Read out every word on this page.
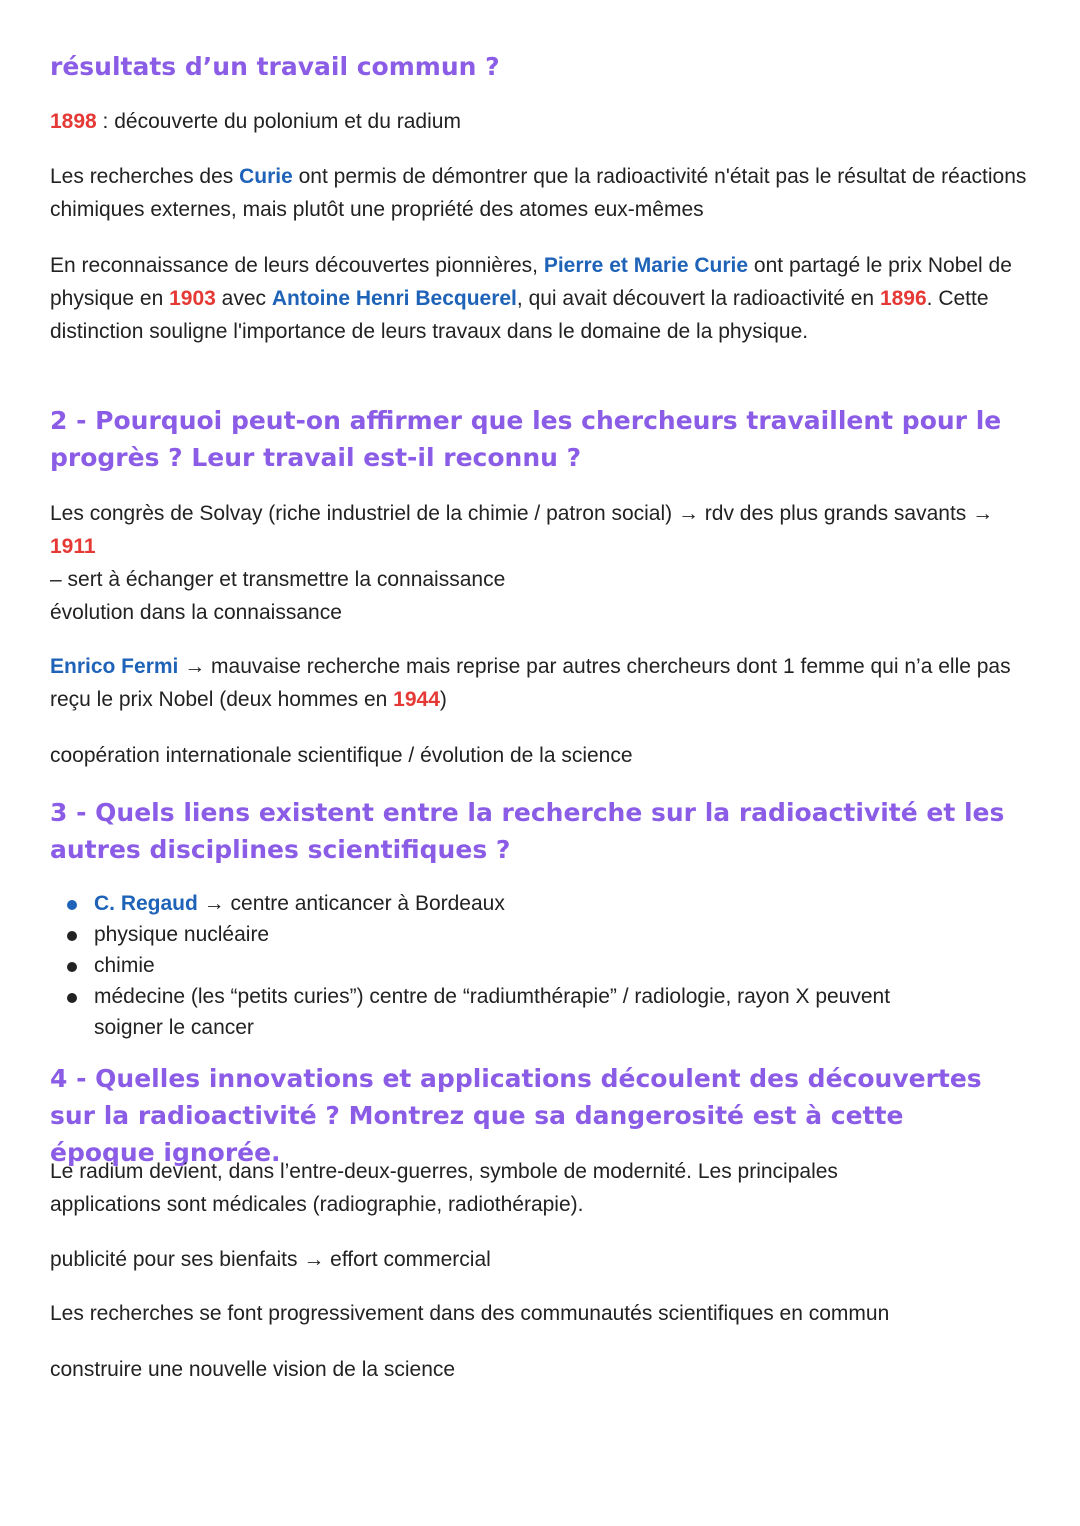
résultats d’un travail commun ?

1898 : découverte du polonium et du radium

Les recherches des Curie ont permis de démontrer que la radioactivité n'était pas le résultat de réactions chimiques externes, mais plutôt une propriété des atomes eux-mêmes

En reconnaissance de leurs découvertes pionnières, Pierre et Marie Curie ont partagé le prix Nobel de physique en 1903 avec Antoine Henri Becquerel, qui avait découvert la radioactivité en 1896. Cette distinction souligne l'importance de leurs travaux dans le domaine de la physique.

2 - Pourquoi peut-on affirmer que les chercheurs travaillent pour le progrès ? Leur travail est-il reconnu ?

Les congrès de Solvay (riche industriel de la chimie / patron social) → rdv des plus grands savants → 1911

– sert à échanger et transmettre la connaissance

évolution dans la connaissance

Enrico Fermi → mauvaise recherche mais reprise par autres chercheurs dont 1 femme qui n’a elle pas reçu le prix Nobel (deux hommes en 1944)

coopération internationale scientifique / évolution de la science

3 - Quels liens existent entre la recherche sur la radioactivité et les autres disciplines scientifiques ?
C. Regaud → centre anticancer à Bordeaux
physique nucléaire
chimie
médecine (les “petits curies”) centre de “radiumthérapie” / radiologie, rayon X peuvent soigner le cancer
4 - Quelles innovations et applications découlent des découvertes sur la radioactivité ? Montrez que sa dangerosité est à cette époque ignorée.

Le radium devient, dans l’entre-deux-guerres, symbole de modernité. Les principales applications sont médicales (radiographie, radiothérapie).

publicité pour ses bienfaits → effort commercial

Les recherches se font progressivement dans des communautés scientifiques en commun

construire une nouvelle vision de la science
